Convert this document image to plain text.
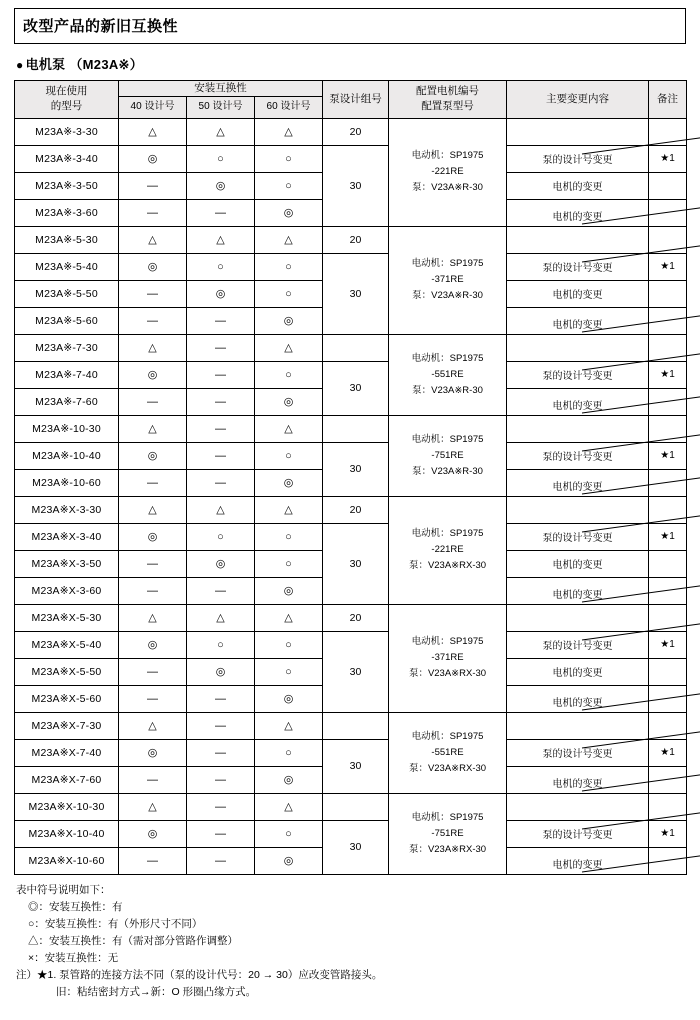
改型产品的新旧互换性
● 电机泵 （M23A※）
现在使用
的型号
	安装互换性	泵设计组号	
配置电机编号
配置泵型号
	主要变更内容	备注
	40 设计号	50 设计号	60 设计号				
M23A※-3-30	△	△	△	20	电动机：SP1975
-221RE
泵：V23A※R-30

M23A※-3-40	◎	○	○	30		泵的设计号变更	★1
M23A※-3-50	—	◎	○			电机的变更	
M23A※-3-60	—	—	◎			电机的变更	

M23A※-5-30	△	△	△	20	电动机：SP1975
-371RE
泵：V23A※R-30

M23A※-5-40	◎	○	○	30		泵的设计号变更	★1
M23A※-5-50	—	◎	○			电机的变更	
M23A※-5-60	—	—	◎			电机的变更	

M23A※-7-30	△	—	△		电动机：SP1975
-551RE
泵：V23A※R-30

M23A※-7-40	◎	—	○	30		泵的设计号变更	★1
M23A※-7-60	—	—	◎			电机的变更	

M23A※-10-30	△	—	△		电动机：SP1975
-751RE
泵：V23A※R-30

M23A※-10-40	◎	—	○	30		泵的设计号变更	★1
M23A※-10-60	—	—	◎			电机的变更	

M23A※X-3-30	△	△	△	20	电动机：SP1975
-221RE
泵：V23A※RX-30

M23A※X-3-40	◎	○	○	30		泵的设计号变更	★1
M23A※X-3-50	—	◎	○			电机的变更	
M23A※X-3-60	—	—	◎			电机的变更	

M23A※X-5-30	△	△	△	20	电动机：SP1975
-371RE
泵：V23A※RX-30

M23A※X-5-40	◎	○	○	30		泵的设计号变更	★1
M23A※X-5-50	—	◎	○			电机的变更	
M23A※X-5-60	—	—	◎			电机的变更	

M23A※X-7-30	△	—	△		电动机：SP1975
-551RE
泵：V23A※RX-30

M23A※X-7-40	◎	—	○	30		泵的设计号变更	★1
M23A※X-7-60	—	—	◎			电机的变更	

M23A※X-10-30	△	—	△		电动机：SP1975
-751RE
泵：V23A※RX-30

M23A※X-10-40	◎	—	○	30		泵的设计号变更	★1
M23A※X-10-60	—	—	◎			电机的变更	

表中符号说明如下：
◎：安装互换性：有
○：安装互换性：有（外形尺寸不同）
△：安装互换性：有（需对部分管路作调整）
×：安装互换性：无
注）★1. 泵管路的连接方法不同（泵的设计代号：20 → 30）应改变管路接头。
旧：粘结密封方式→新：O 形圈凸缘方式。
